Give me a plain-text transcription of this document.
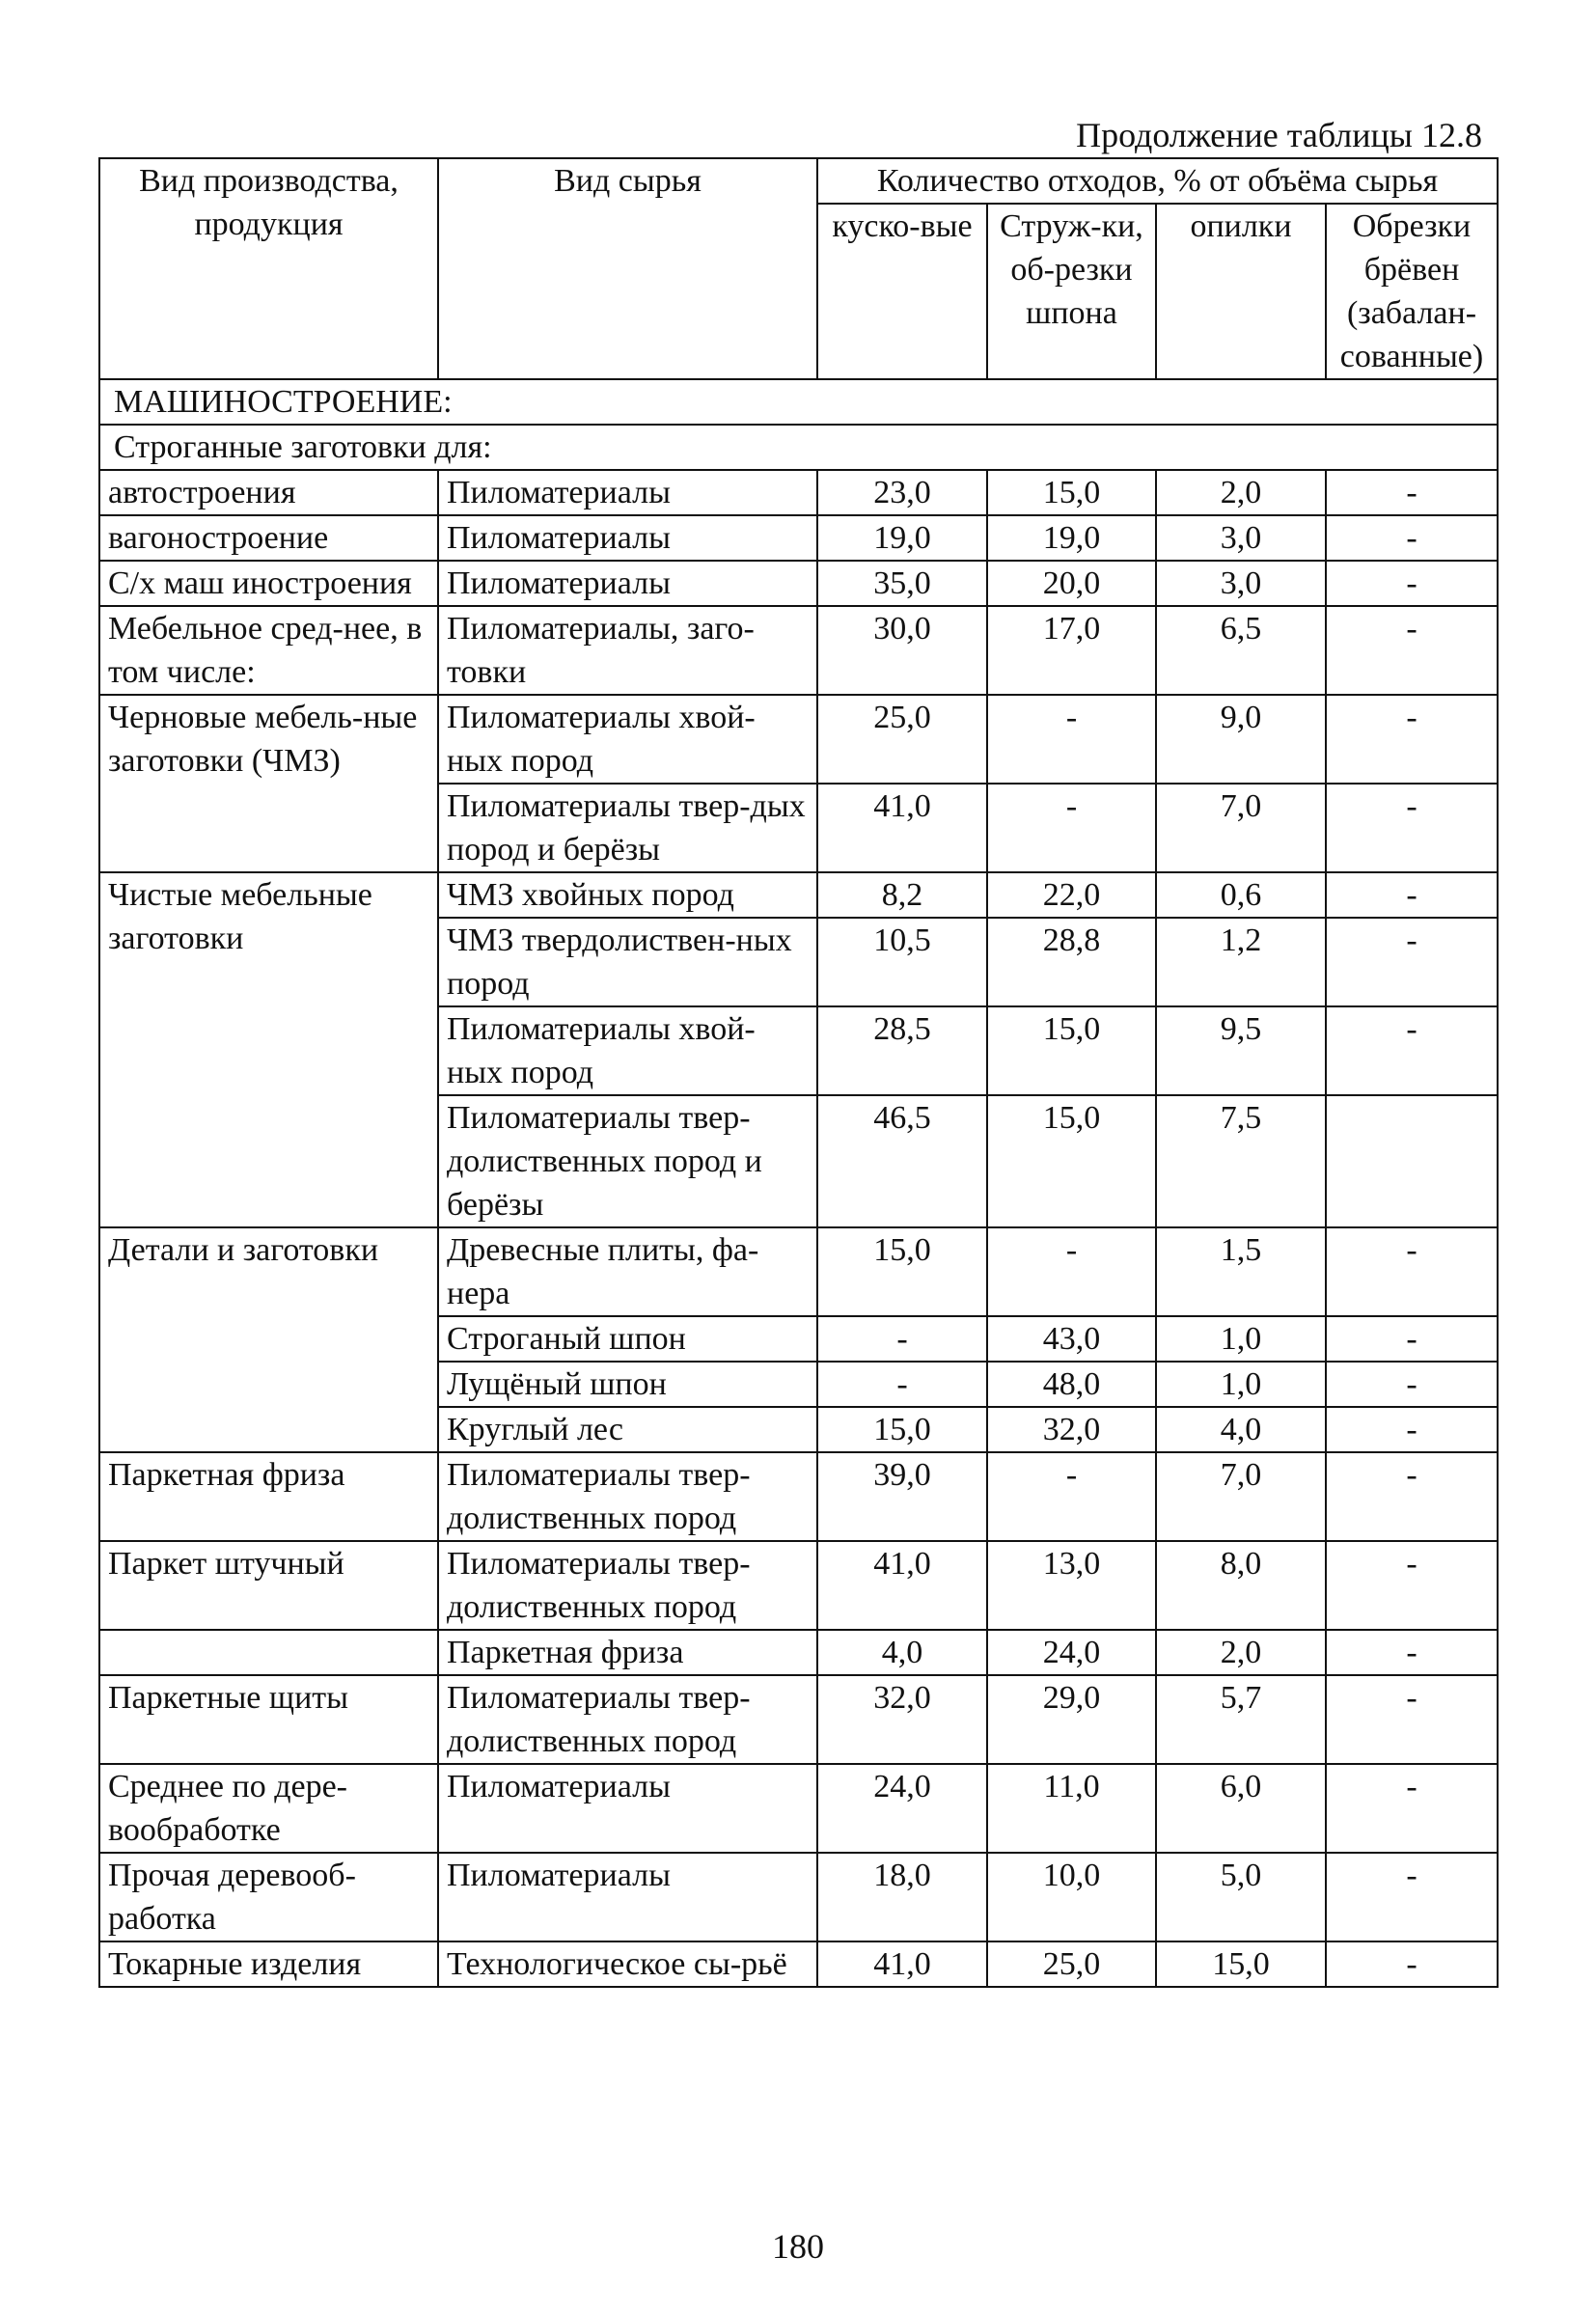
Продолжение таблицы 12.8
Вид производства, продукция	Вид сырья	Количество отходов, % от объёма сырья			
		куско-вые	Струж-ки, об-резки шпона	опилки	Обрезки брёвен (забалан-сованные)
МАШИНОСТРОЕНИЕ:					
Строганные заготовки для:					
автостроения	Пиломатериалы	23,0	15,0	2,0	-
вагоностроение	Пиломатериалы	19,0	19,0	3,0	-
С/х маш иностроения	Пиломатериалы	35,0	20,0	3,0	-
Мебельное сред-нее, в том числе:	Пиломатериалы, заго-товки	30,0	17,0	6,5	-
Черновые мебель-ные заготовки (ЧМЗ)	Пиломатериалы хвой-ных пород	25,0	-	9,0	-
	Пиломатериалы твер-дых пород и берёзы	41,0	-	7,0	-
Чистые мебельные заготовки	ЧМЗ хвойных пород	8,2	22,0	0,6	-
	ЧМЗ твердолиствен-ных пород	10,5	28,8	1,2	-
	Пиломатериалы хвой-ных пород	28,5	15,0	9,5	-
	Пиломатериалы твер-долиственных пород и берёзы	46,5	15,0	7,5	
Детали и заготовки	Древесные плиты, фа-нера	15,0	-	1,5	-
	Строганый шпон	-	43,0	1,0	-
	Лущёный шпон	-	48,0	1,0	-
	Круглый лес	15,0	32,0	4,0	-
Паркетная фриза	Пиломатериалы твер-долиственных пород	39,0	-	7,0	-
Паркет штучный	Пиломатериалы твер-долиственных пород	41,0	13,0	8,0	-
	Паркетная фриза	4,0	24,0	2,0	-
Паркетные щиты	Пиломатериалы твер-долиственных пород	32,0	29,0	5,7	-
Среднее по дере-вообработке	Пиломатериалы	24,0	11,0	6,0	-
Прочая деревооб-работка	Пиломатериалы	18,0	10,0	5,0	-
Токарные изделия	Технологическое сы-рьё	41,0	25,0	15,0	-
180
